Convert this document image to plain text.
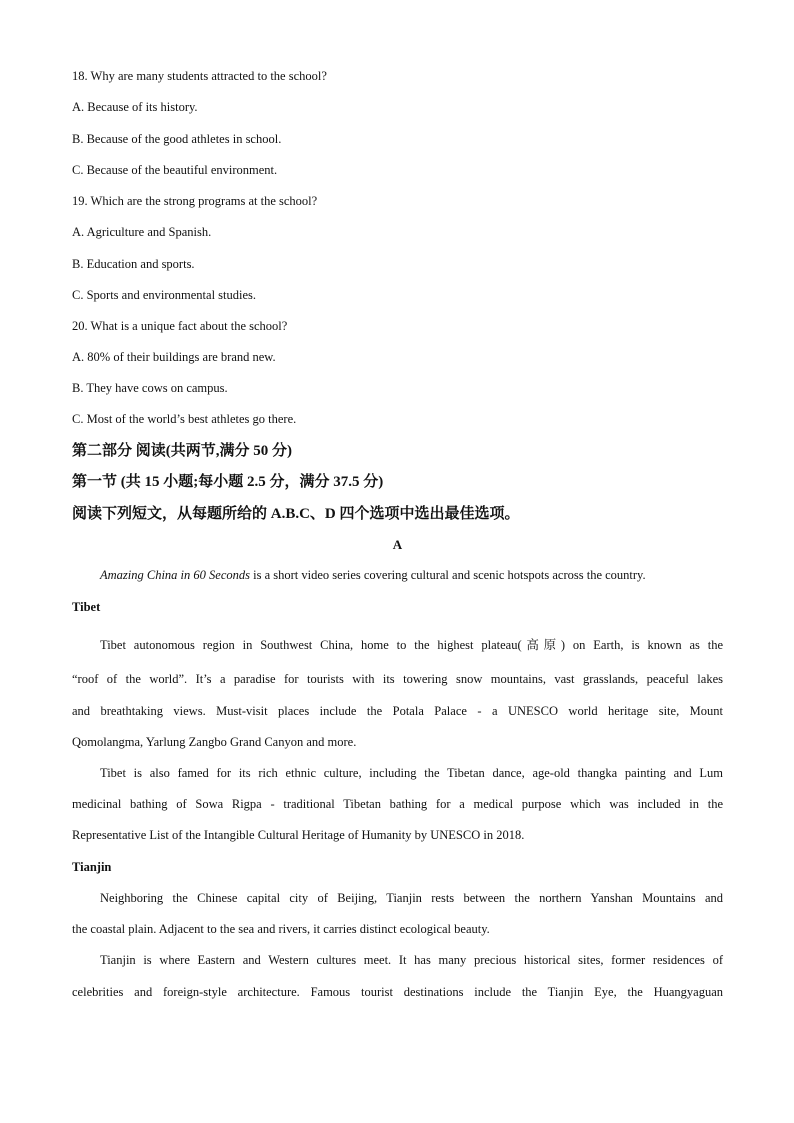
18. Why are many students attracted to the school?
A. Because of its history.
B. Because of the good athletes in school.
C. Because of the beautiful environment.
19. Which are the strong programs at the school?
A. Agriculture and Spanish.
B. Education and sports.
C. Sports and environmental studies.
20. What is a unique fact about the school?
A. 80% of their buildings are brand new.
B. They have cows on campus.
C. Most of the world’s best athletes go there.
第二部分 阅读(共两节,满分 50 分)
第一节 (共 15 小题;每小题 2.5 分，满分 37.5 分)
阅读下列短文，从每题所给的 A.B.C、D 四个选项中选出最佳选项。
A
Amazing China in 60 Seconds is a short video series covering cultural and scenic hotspots across the country.
Tibet
Tibet autonomous region in Southwest China, home to the highest plateau(高原) on Earth, is known as the
“roof of the world”. It’s a paradise for tourists with its towering snow mountains, vast grasslands, peaceful lakes
and breathtaking views. Must-visit places include the Potala Palace - a UNESCO world heritage site, Mount
Qomolangma, Yarlung Zangbo Grand Canyon and more.
Tibet is also famed for its rich ethnic culture, including the Tibetan dance, age-old thangka painting and Lum
medicinal bathing of Sowa Rigpa - traditional Tibetan bathing for a medical purpose which was included in the
Representative List of the Intangible Cultural Heritage of Humanity by UNESCO in 2018.
Tianjin
Neighboring the Chinese capital city of Beijing, Tianjin rests between the northern Yanshan Mountains and
the coastal plain. Adjacent to the sea and rivers, it carries distinct ecological beauty.
Tianjin is where Eastern and Western cultures meet. It has many precious historical sites, former residences of
celebrities and foreign-style architecture. Famous tourist destinations include the Tianjin Eye, the Huangyaguan
